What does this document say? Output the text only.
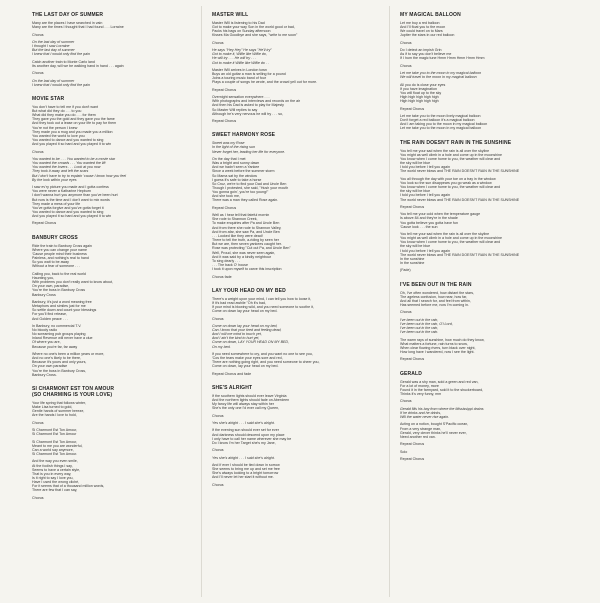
THE LAST DAY OF SUMMER
Many are the places I have searched in vain
Many are the times I thought that I had found . . . Lorraine
Chorus
On the last day of summer
I thought I saw Lorraine
But the last day of summer
I knew that I would only find the pain
Catch another train to Monte Carlo land
Its another day, will we be walking hand in hand . . . again
Chorus
On the last day of summer
I knew that I would only find the pain
MOVIE STAR
You don't have to tell me if you don't want
But what did they do . . . to you
What did they make you do . . . for them
They gave you the gold and they gave you the fame
And they took out a lease on your life to pay for them
You're not the person I knew
They made you a mug and you made you a million
You wanted the world to love you
You wanted to dance and you wanted to sing
And you played it so hard and you played it to win
Chorus
You wanted to be . . . You wanted to be a movie star
You wanted the crowds . . . You wanted the lift
You wanted the lovers . . . Look at you now
They took it away and left the scars
But I don't have to try to explain 'cause I know how you feel
By the look within your eyes
I saw ev'ry picture you made and I gotta confess
You were never a Katharine Hepburn
I don't wanna hurt you anymore than you've been hurt
But now is the time and I don't want to mix words
They made a mess of your life
You've gotta forgive and you've gotta forget it
You wanted to dance and you wanted to sing
And you played it so hard and you played it to win
Repeat Chorus
BANBURY CROSS
Ride the train to Banbury Cross again
Where you can change your name
'Cause people mind their business
Painless, and nothing's real to hand
So you wait to be away
Without a fear of someone . . .
Calling you, back to the real world
Haunting you,
With problems you don't really want to know about,
On your own, paradise,
You're the boss in Banbury Cross
Banbury Cross
Banbury, it's just a word meaning free
Metaphors and similes just for me
So settle down and count your blessings
For you'll find release,
And Golden peace . . .
In Banbury, no commercial T.V.
No bloody radio
No screaming pub groups playing
Inland Revenue will never have a clue
Of where you are,
Because you're far, far away
Where no one's been a million years or more,
And no one's likely to be there,
Because it's yours and only yours,
On your own paradise
You're the boss in Banbury Cross,
Banbury Cross.
SI CHARMONT EST TON AMOUR
(SO CHARMING IS YOUR LOVE)
Your life spring that follows winter,
Make Lisa turned to gold,
Gentle hands of summer breeze,
Are the hands I love to hold,
Chorus
Si Charmont Est Ton Amour,
Si Charmont Est Ton Amour
Si Charmont Est Ton Amour,
Meant to me you are wonderful,
Can a world say anymore,
Si Charmont Est Ton Amour.
And the way you even smile,
At the foolish things I say,
Seems to have a certain style,
That is you in every way,
Is it right to say I love you,
Have I used the wrong cliché,
For it seems that of a thousand million words,
There are few that I can say,
Chorus
MASTER WILL
Master Will is listening to his Dad
Got to make your way Son in the world good or bad,
Packs his bags on Sunday afternoon
Kisses Ma Goodbye and she says, "write to me soon"
Chorus
He says "Hey Hey" He says "He'll try"
Got to make it, Willie like Willie do,
He will try . . . He will try . . .
Got to make it Willie like Willie do . .
Master Will arrives in London town
Buys an old guitar a man is selling for a pound
Joins a touring music band of four
Plays a couple of songs he wrote, and the crowd yell out for more.
Repeat Chorus
Overnight sensation everywhere . . .
With photographs and interviews and records on the air
And then his Dad is asked to play for Majesty
So Master Will replies to say
Although he's very nervous he will try . . . so,
Repeat Chorus
SWEET HARMONY ROSE
Sweet was my Rose
In the light of the rising sun
Never forget her, leading her life for everyone.
On the day that I met
Was a bright and sunny dawn
And we hadn't seen a Yankee
Since a week before the summer storm
So Mama sat by the window
I guess it's safe to take a horse
So Cruz, we're to find your Dad and Uncle Ben
Though I protested, she said, "Hush your mouth
You gonna goin', you're too young!"
And she took me,
There was a man they called Rose again.
Repeat Chorus
Well as I hear tell that fateful mornin
She rode to Shannon Creek,
To make enquiries after Pa and Uncle Ben
And from there she rode to Shannon Valley,
And from afar, she saw Pa, and Uncle Ben
. . . Looked like they were dead!
There to tell the truth, a-riding by seen her
But we are, then seven yankees caught her.
Rose was protecting "Cut out Pa, and Uncle Ben"
Well, Proud, she was never seen again,
And it was said by a kindly neighbour
To sing dearly . . .
. . . The back O' house
I took it upon myself to carve this inscription
Chorus fade
LAY YOUR HEAD ON MY BED
There's a weight upon your mind, I can tell you how to loose it,
If it's bad read awhile "Oh it's bad,
If your mind is blowing wild, and you need someone to soothe it,
Come on down lay your head on my bed.
Chorus
Come on down lay your head on my bed,
Can I know that your tired and feeling dead,
And I will me mind to touch yet,
And I ain't the kind to hurt yet,
Come on down, LAY YOUR HEAD ON MY BED,
On my bed.
If you need somewhere to cry, and you want no one to see you,
'Cos the tears make your eyes sore and red,
There are nothing going right, and you need someone to cheer you,
Come on down, lay your head on my bed.
Repeat Chorus and fade
SHE'S ALRIGHT
If the southern lights should ever leave Virginia
And the northern lights should fade on Aberdeen
My fancy life will always stay within her
She's the only one I'd ever call my Queen,
Chorus
Yes she's alright . . . I said she's alright.
If the evening sun should ever set for ever
And darkness should descend upon my place
I only have to call her name wherever she may be
Do I know I'm her Target she's my Jane,
Chorus
Yes she's alright . . . I said she's alright.
And if ever I should be tied down in sorrow
She seems to bring me up and set me free
She's always looking to a bright tomorrow
And I'll never let her start it without me.
Chorus
MY MAGICAL BALLOON
Let me buy a red balloon
And I'll float you to the moon
We could travel on to Mars
Jupiter the stars in our red balloon
Chorus
Do I detect an impish Grin
As if to say you don't believe me
If I hum the magic tune Hmm Hmm Hmm Hmm Hmm
Chorus
Let me take you to the moon in my magical balloon
We will travel to the moon in my magical balloon
All you do is close your eyes
If you have imagination
You will float up to the sky
High high high high high
High high high high high
Repeat Chorus
Let me take you to the moon lively magical balloon
Don't forget a red balloon it's a magical balloon
And I am taking you to the moon in my magical balloon
Let me take you to the moon in my magical balloon
THE RAIN DOESN'T RAIN IN THE SUNSHINE
You tell me your sad when the rain is all over the skyline
You might as well climb in a hole and come up in the moonshine
You know when I come home to you, the weather will clear and
the sky will be blue
I told you before I tell you again
The world never blows and THE RAIN DOESN'T RAIN IN THE SUNSHINE
You all through the day with your toe on a tray in the window
You look so the sun disappears you go weak as a window
You know when I come home to you, the weather will clear and
the sky will be blue
I told you before I tell you again
The world never blows and THE RAIN DOESN'T RAIN IN THE SUNSHINE
Repeat Chorus
You tell me your cold when the temperature gauge
Is above 84 and they're in the shade
You gotta believe you gotta have fun
'Cause look . . . the sun
You tell me your sad when the rain is all over the skyline
You might as well climb in a hole and come up in the moonshine
You know when I come home to you, the weather will clear and
the sky will be blue
I told you before I tell you again
The world never blows and THE RAIN DOESN'T RAIN IN THE SUNSHINE
In the sunshine
In the sunshine
(Fade)
I'VE BEEN OUT IN THE RAIN
Oh, I've often wondered, how distant the stars,
The ageless confusion, how near, how far,
And all that I search for, and feel from within,
Has seemed before me, now I'm coming in.
Chorus
I've been out in the rain,
I've been out in the rain, O'l Lord,
I've been out in the rain,
I've been out in the rain.
The warm rays of sunshine, how much do they know,
What matters a fortune, rain turns to snow,
When clear flowing rivers, turn black over night,
How long have I wandered, now I see the light.
Repeat Chorus
GERALD
Gerald was a shy man, sold a green and red van,
For a lot of money, more
Found it in the farmyard, sold it to the shuckerboard,
Thinks it's very funny, mm
Chorus
Gerald fills his bay from where the Mississippi drains
If he drinks and he drinks,
Will the water never rise again.
Acting on a notion, bought S'Pacific ocean,
From a very strange man,
Gerald, very clever thinks he'll never ever,
Need another red van.
Repeat Chorus
Solo
Repeat Chorus
